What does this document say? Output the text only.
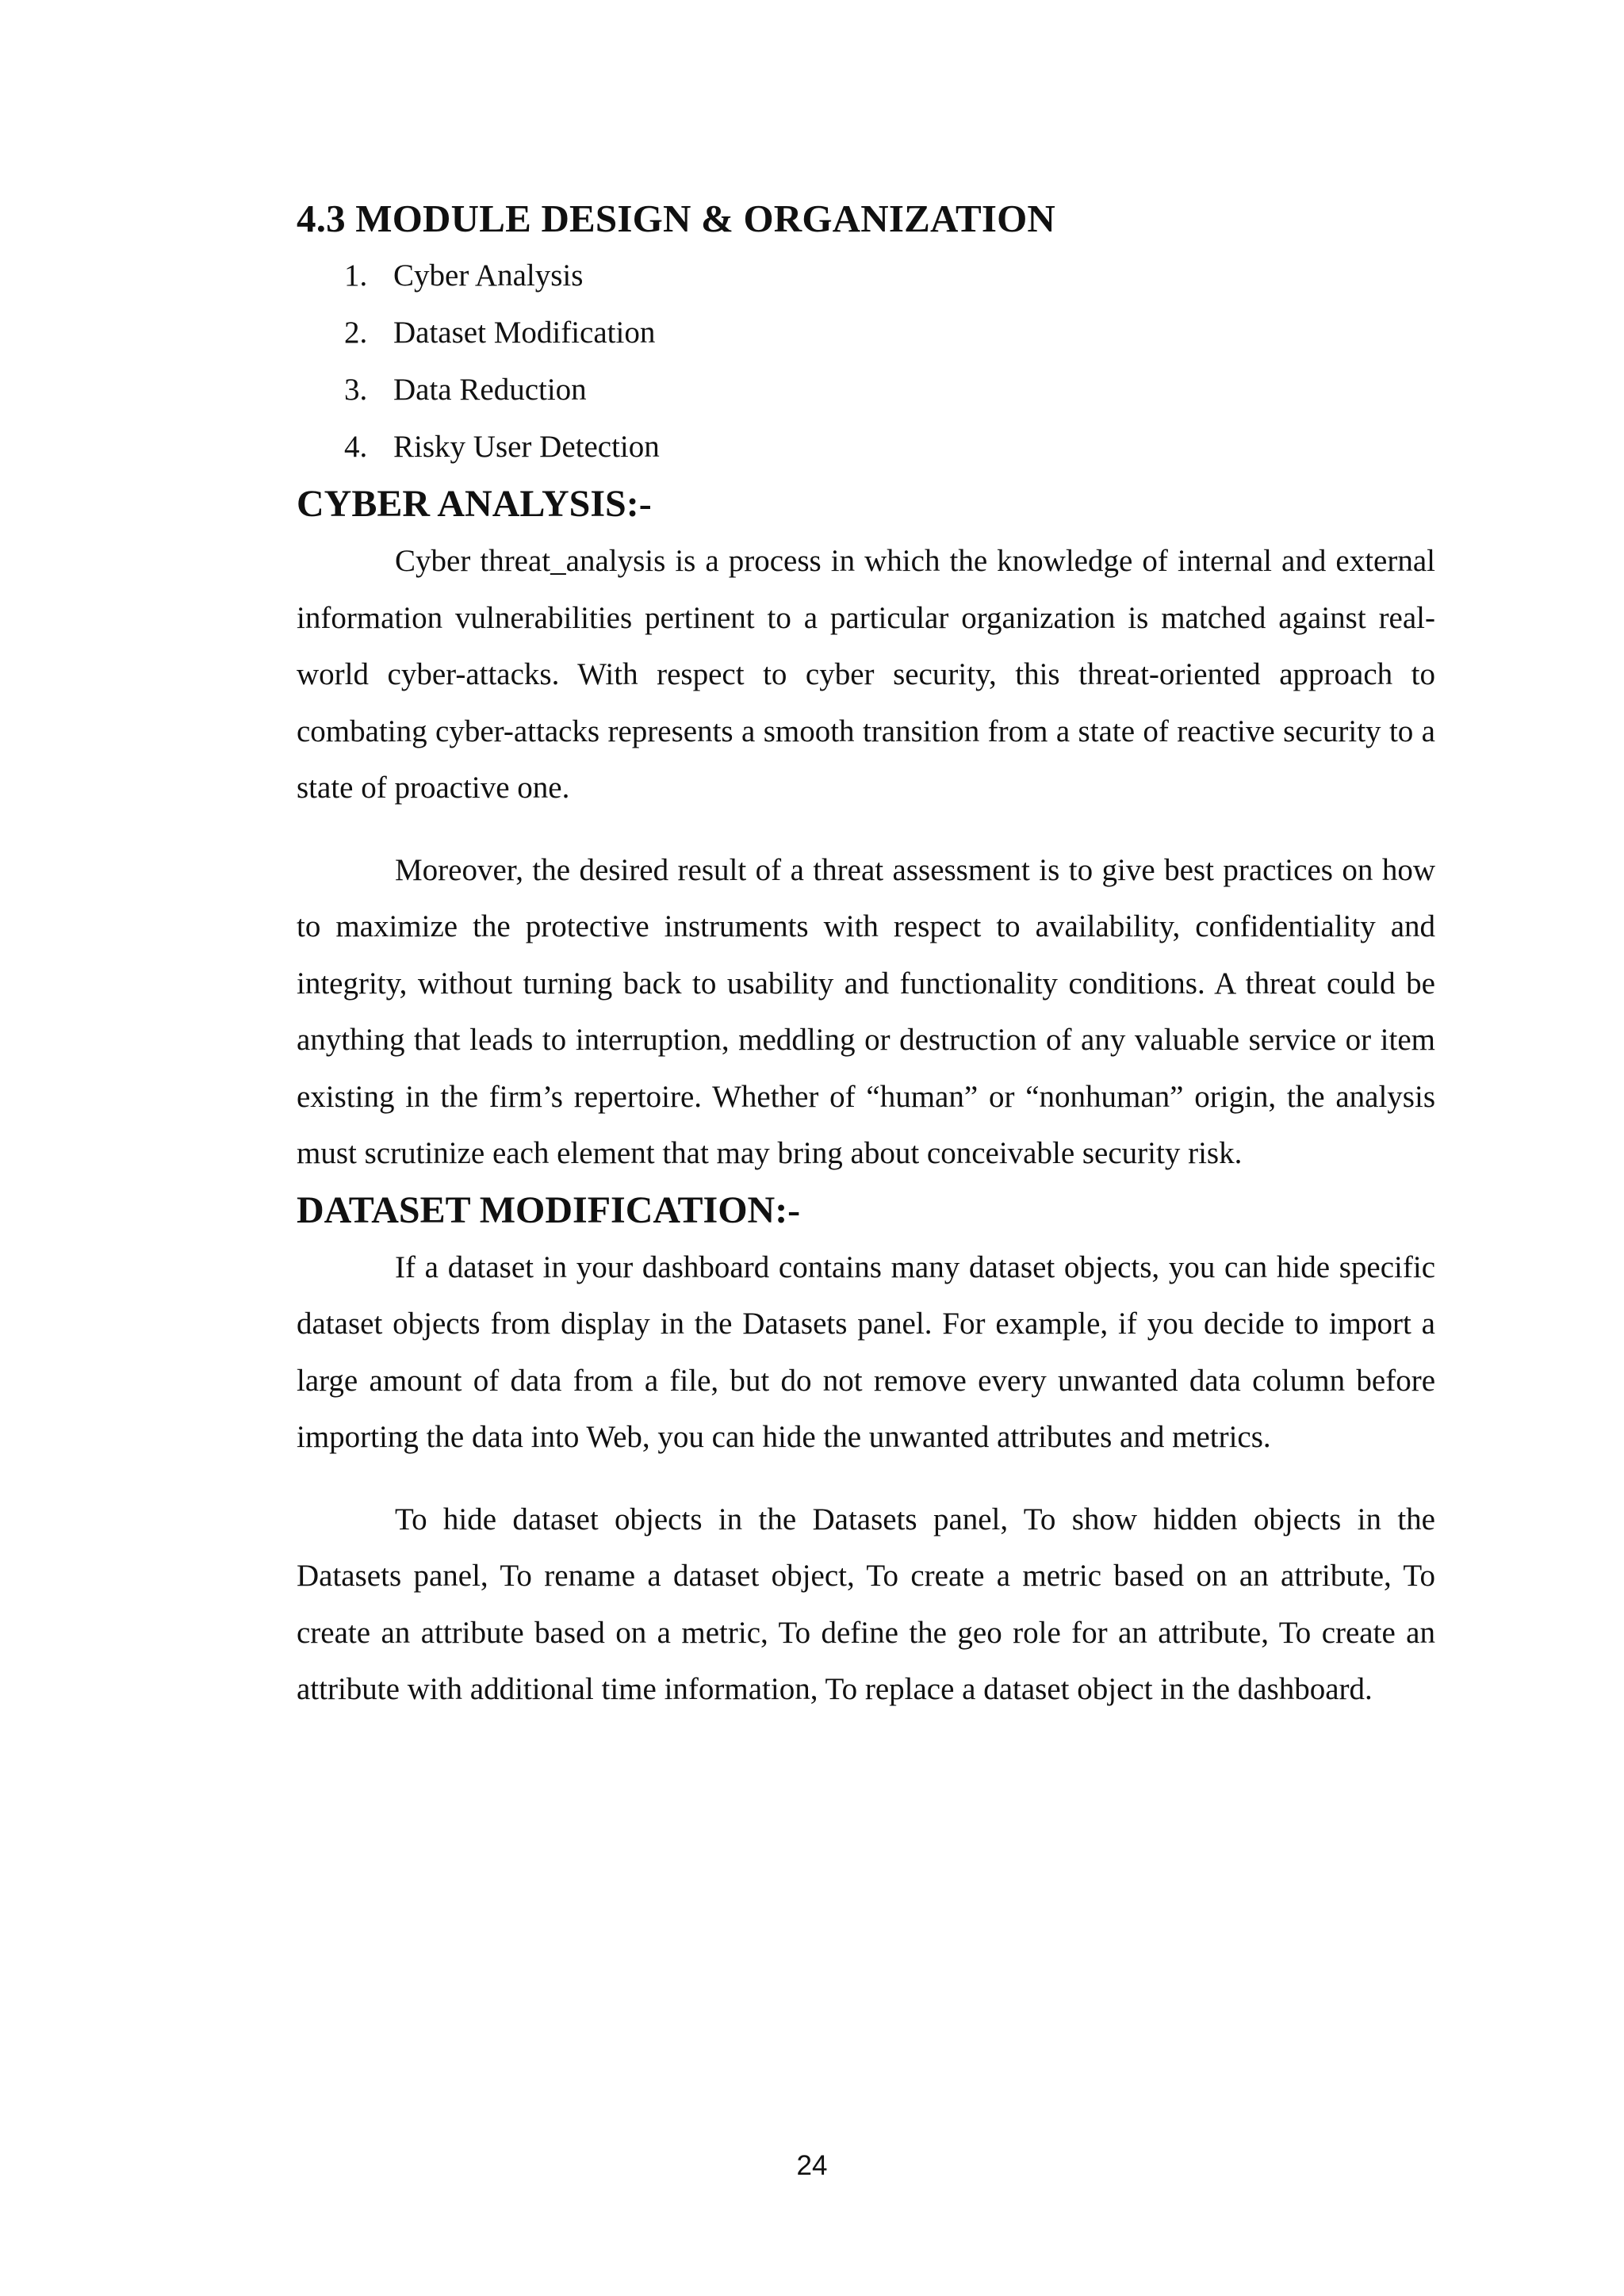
4.3 MODULE DESIGN & ORGANIZATION
1. Cyber Analysis
2. Dataset Modification
3. Data Reduction
4. Risky User Detection
CYBER ANALYSIS:-

Cyber threat_analysis is a process in which the knowledge of internal and external information vulnerabilities pertinent to a particular organization is matched against real-world cyber-attacks. With respect to cyber security, this threat-oriented approach to combating cyber-attacks represents a smooth transition from a state of reactive security to a state of proactive one.

Moreover, the desired result of a threat assessment is to give best practices on how to maximize the protective instruments with respect to availability, confidentiality and integrity, without turning back to usability and functionality conditions. A threat could be anything that leads to interruption, meddling or destruction of any valuable service or item existing in the firm’s repertoire. Whether of “human” or “nonhuman” origin, the analysis must scrutinize each element that may bring about conceivable security risk.

DATASET MODIFICATION:-

If a dataset in your dashboard contains many dataset objects, you can hide specific dataset objects from display in the Datasets panel. For example, if you decide to import a large amount of data from a file, but do not remove every unwanted data column before importing the data into Web, you can hide the unwanted attributes and metrics.

To hide dataset objects in the Datasets panel, To show hidden objects in the Datasets panel, To rename a dataset object, To create a metric based on an attribute, To create an attribute based on a metric, To define the geo role for an attribute, To create an attribute with additional time information, To replace a dataset object in the dashboard.

24
